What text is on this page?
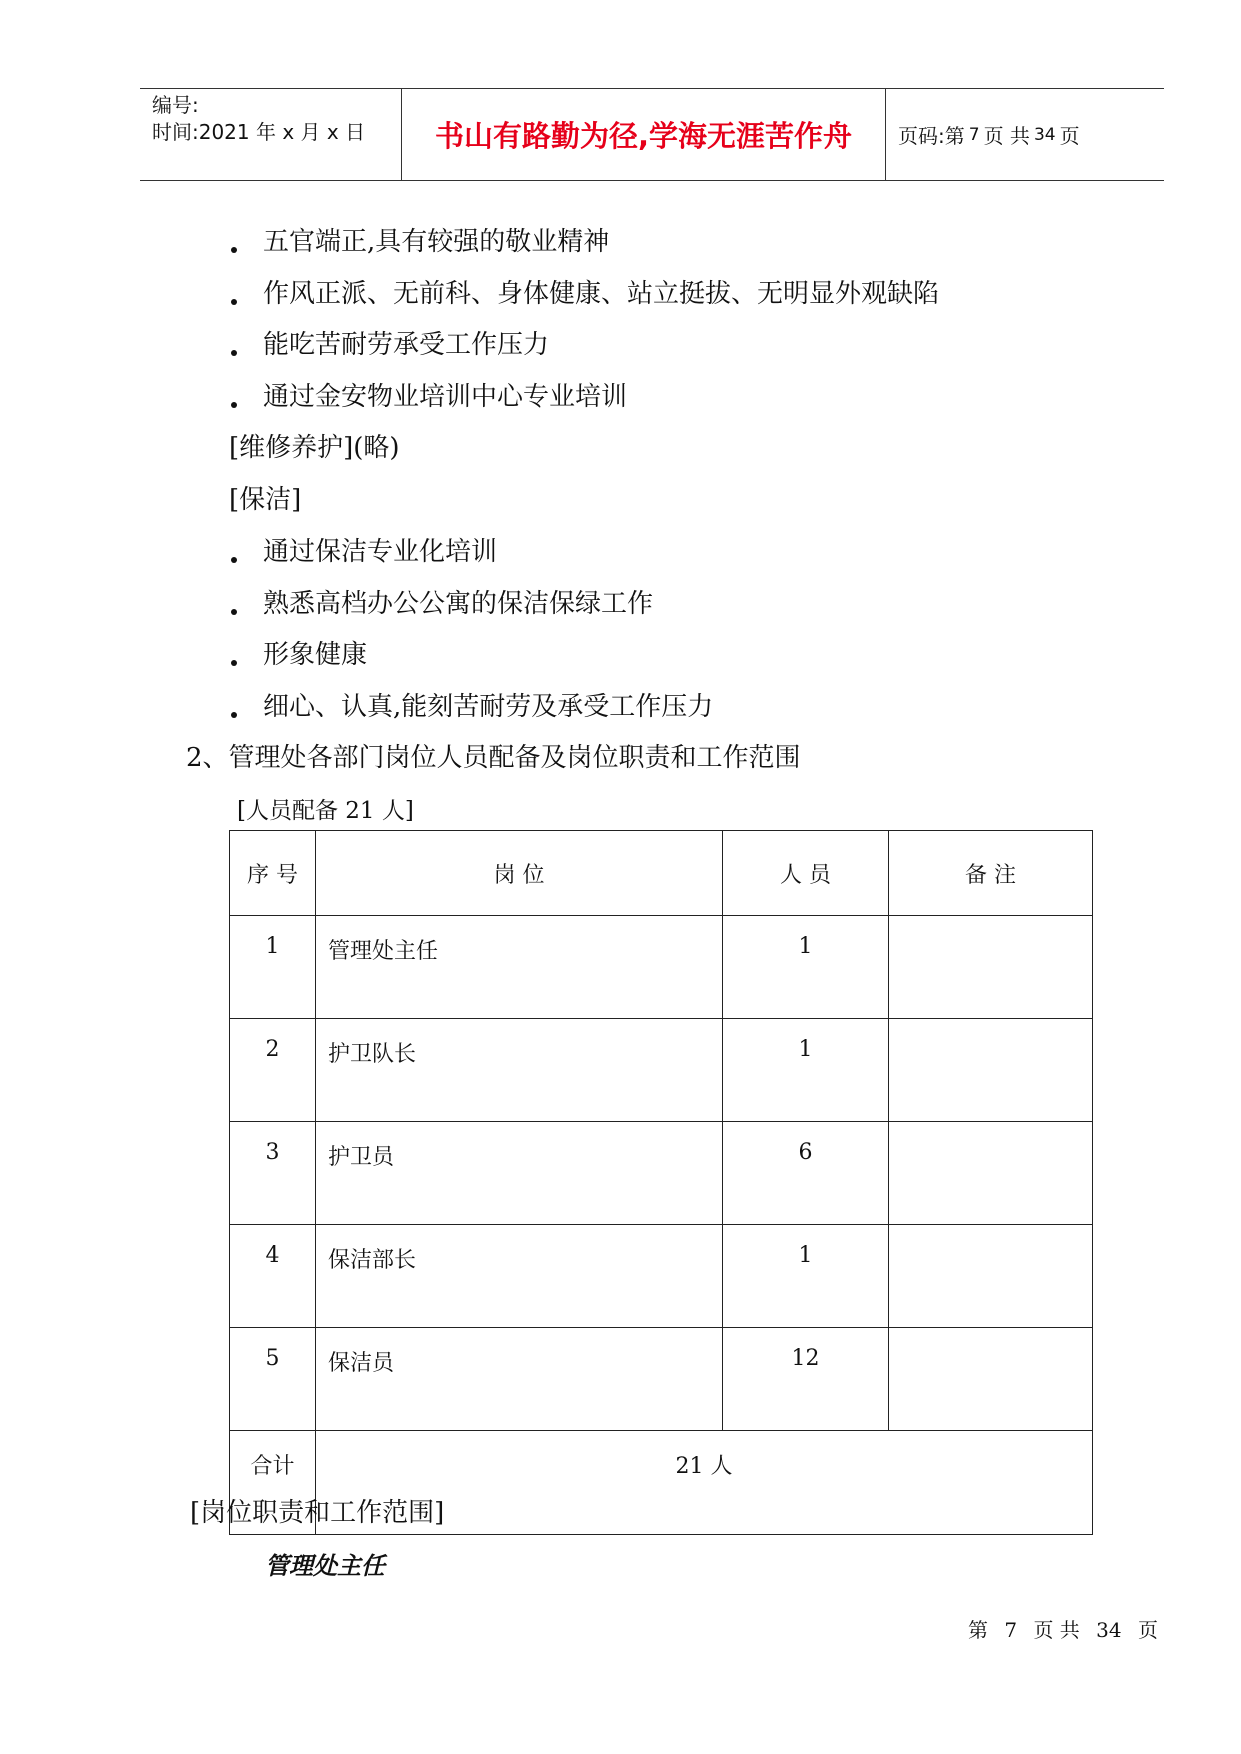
编号:
时间:2021 年 x 月 x 日	书山有路勤为径,学海无涯苦作舟	页码:第 7 页 共 34 页
五官端正,具有较强的敬业精神
作风正派、无前科、身体健康、站立挺拔、无明显外观缺陷
能吃苦耐劳承受工作压力
通过金安物业培训中心专业培训
[维修养护](略)
[保洁]
通过保洁专业化培训
熟悉高档办公公寓的保洁保绿工作
形象健康
细心、认真,能刻苦耐劳及承受工作压力
2、管理处各部门岗位人员配备及岗位职责和工作范围
[人员配备 21 人]
序 号	岗 位	人 员	备 注
1	管理处主任	1	
2	护卫队长	1	
3	护卫员	6	
4	保洁部长	1	
5	保洁员	12	
合计	21 人		
[岗位职责和工作范围]
管理处主任
第 7 页 共 34 页
